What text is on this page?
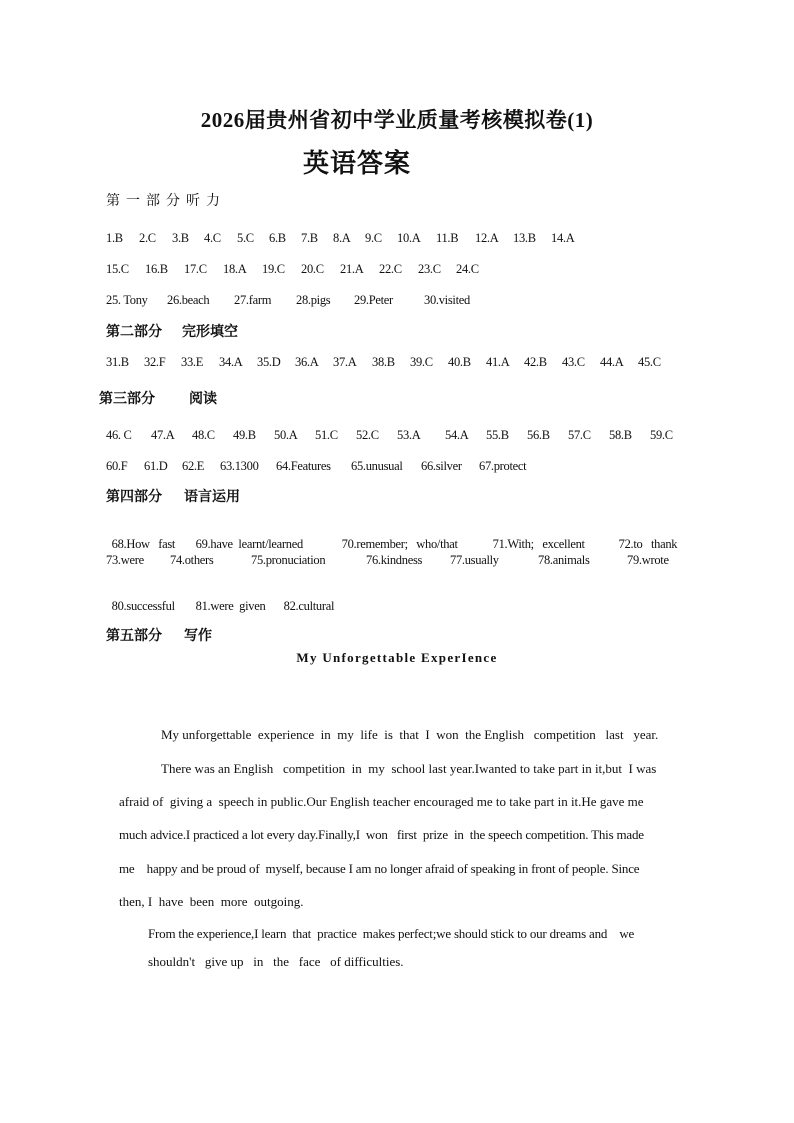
2026届贵州省初中学业质量考核模拟卷(1)
英语答案
第一部分听力
1.B 2.C 3.B 4.C 5.C 6.B 7.B 8.A 9.C 10.A 11.B 12.A 13.B 14.A
15.C 16.B 17.C 18.A 19.C 20.C 21.A 22.C 23.C 24.C
25. Tony 26.beach 27.farm 28.pigs 29.Peter 30.visited
第二部分 完形填空
31.B 32.F 33.E 34.A 35.D 36.A 37.A 38.B 39.C 40.B 41.A 42.B 43.C 44.A 45.C
第三部分 阅读
46. C 47.A 48.C 49.B 50.A 51.C 52.C 53.A 54.A 55.B 56.B 57.C 58.B 59.C
60.F 61.D 62.E 63.1300 64.Features 65.unusual 66.silver 67.protect
第四部分 语言运用

68.How   fast 69.have  learnt/learned	70.remember;   who/that	71.With;   excellent	72.to   thank

73.were 74.others	75.pronuciation	76.kindness 77.usually	78.animals	79.wrote

80.successful 81.were  given 82.cultural

第五部分 写作
My Unforgettable ExperIence
My unforgettable  experience  in  my  life  is  that  I  won  the English   competition   last   year.
There was an English   competition  in  my  school last year.Iwanted to take part in it,but  I was
afraid of  giving a  speech in public.Our English teacher encouraged me to take part in it.He gave me
much advice.I practiced a lot every day.Finally,I  won   first  prize  in  the speech competition. This made
me    happy and be proud of  myself, because I am no longer afraid of speaking in front of people. Since
then, I  have  been  more  outgoing.
From the experience,I learn  that  practice  makes perfect;we should stick to our dreams and    we
shouldn't   give up   in   the   face   of difficulties.
